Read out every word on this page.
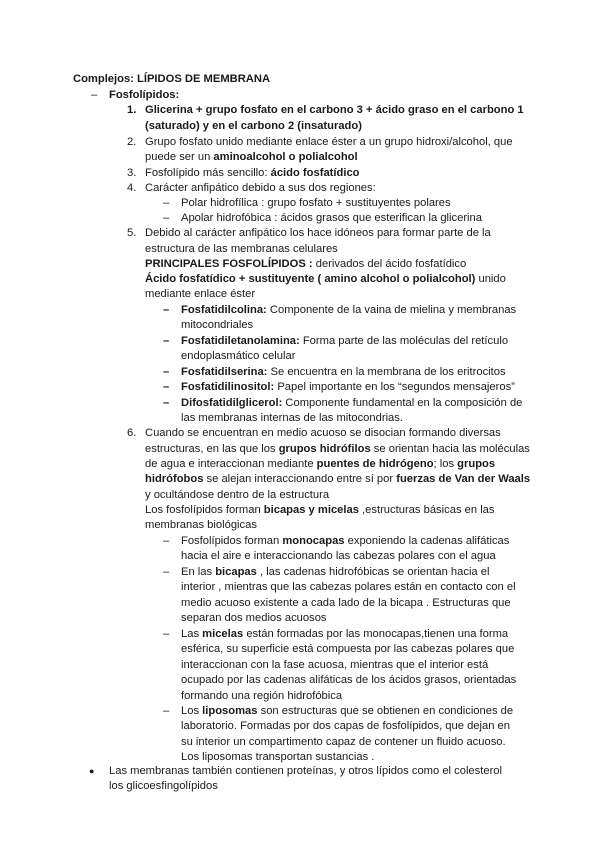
Complejos: LÍPIDOS DE MEMBRANA
– Fosfolípidos:
1. Glicerina + grupo fosfato en el carbono 3 + ácido graso en el carbono 1
(saturado) y en el carbono 2 (insaturado)
2. Grupo fosfato unido mediante enlace éster a un grupo hidroxi/alcohol, que
puede ser un aminoalcohol o polialcohol
3. Fosfolípido más sencillo: ácido fosfatídico
4. Carácter anfipático debido a sus dos regiones:
– Polar hidrofílica : grupo fosfato + sustituyentes polares
– Apolar hidrofóbica : ácidos grasos que esterifican la glicerina
5. Debido al carácter anfipático los hace idóneos para formar parte de la
estructura de las membranas celulares
PRINCIPALES FOSFOLÍPIDOS : derivados del ácido fosfatídico
Ácido fosfatídico + sustituyente ( amino alcohol o polialcohol) unido
mediante enlace éster
– Fosfatidilcolina: Componente de la vaina de mielina y membranas
mitocondriales
– Fosfatidiletanolamina: Forma parte de las moléculas del retículo
endoplasmático celular
– Fosfatidilserina: Se encuentra en la membrana de los eritrocitos
– Fosfatidilinositol: Papel importante en los “segundos mensajeros”
– Difosfatidilglicerol: Componente fundamental en la composición de
las membranas internas de las mitocondrias.
6. Cuando se encuentran en medio acuoso se disocian formando diversas
estructuras, en las que los grupos hidrófilos se orientan hacia las moléculas
de agua e interaccionan mediante puentes de hidrógeno; los grupos
hidrófobos se alejan interaccionando entre sí por fuerzas de Van der Waals
y ocultándose dentro de la estructura
Los fosfolípidos forman bicapas y micelas ,estructuras básicas en las
membranas biológicas
– Fosfolípidos forman monocapas exponiendo la cadenas alifáticas
hacia el aire e interaccionando las cabezas polares con el agua
– En las bicapas , las cadenas hidrofóbicas se orientan hacia el
interior , mientras que las cabezas polares están en contacto con el
medio acuoso existente a cada lado de la bicapa . Estructuras que
separan dos medios acuosos
– Las micelas están formadas por las monocapas,tienen una forma
esférica, su superficie está compuesta por las cabezas polares que
interaccionan con la fase acuosa, mientras que el interior está
ocupado por las cadenas alifáticas de los ácidos grasos, orientadas
formando una región hidrofóbica
– Los liposomas son estructuras que se obtienen en condiciones de
laboratorio. Formadas por dos capas de fosfolípidos, que dejan en
su interior un compartimento capaz de contener un fluido acuoso.
Los liposomas transportan sustancias .
● Las membranas también contienen proteínas, y otros lípidos como el colesterol
los glicoesfingolípidos
